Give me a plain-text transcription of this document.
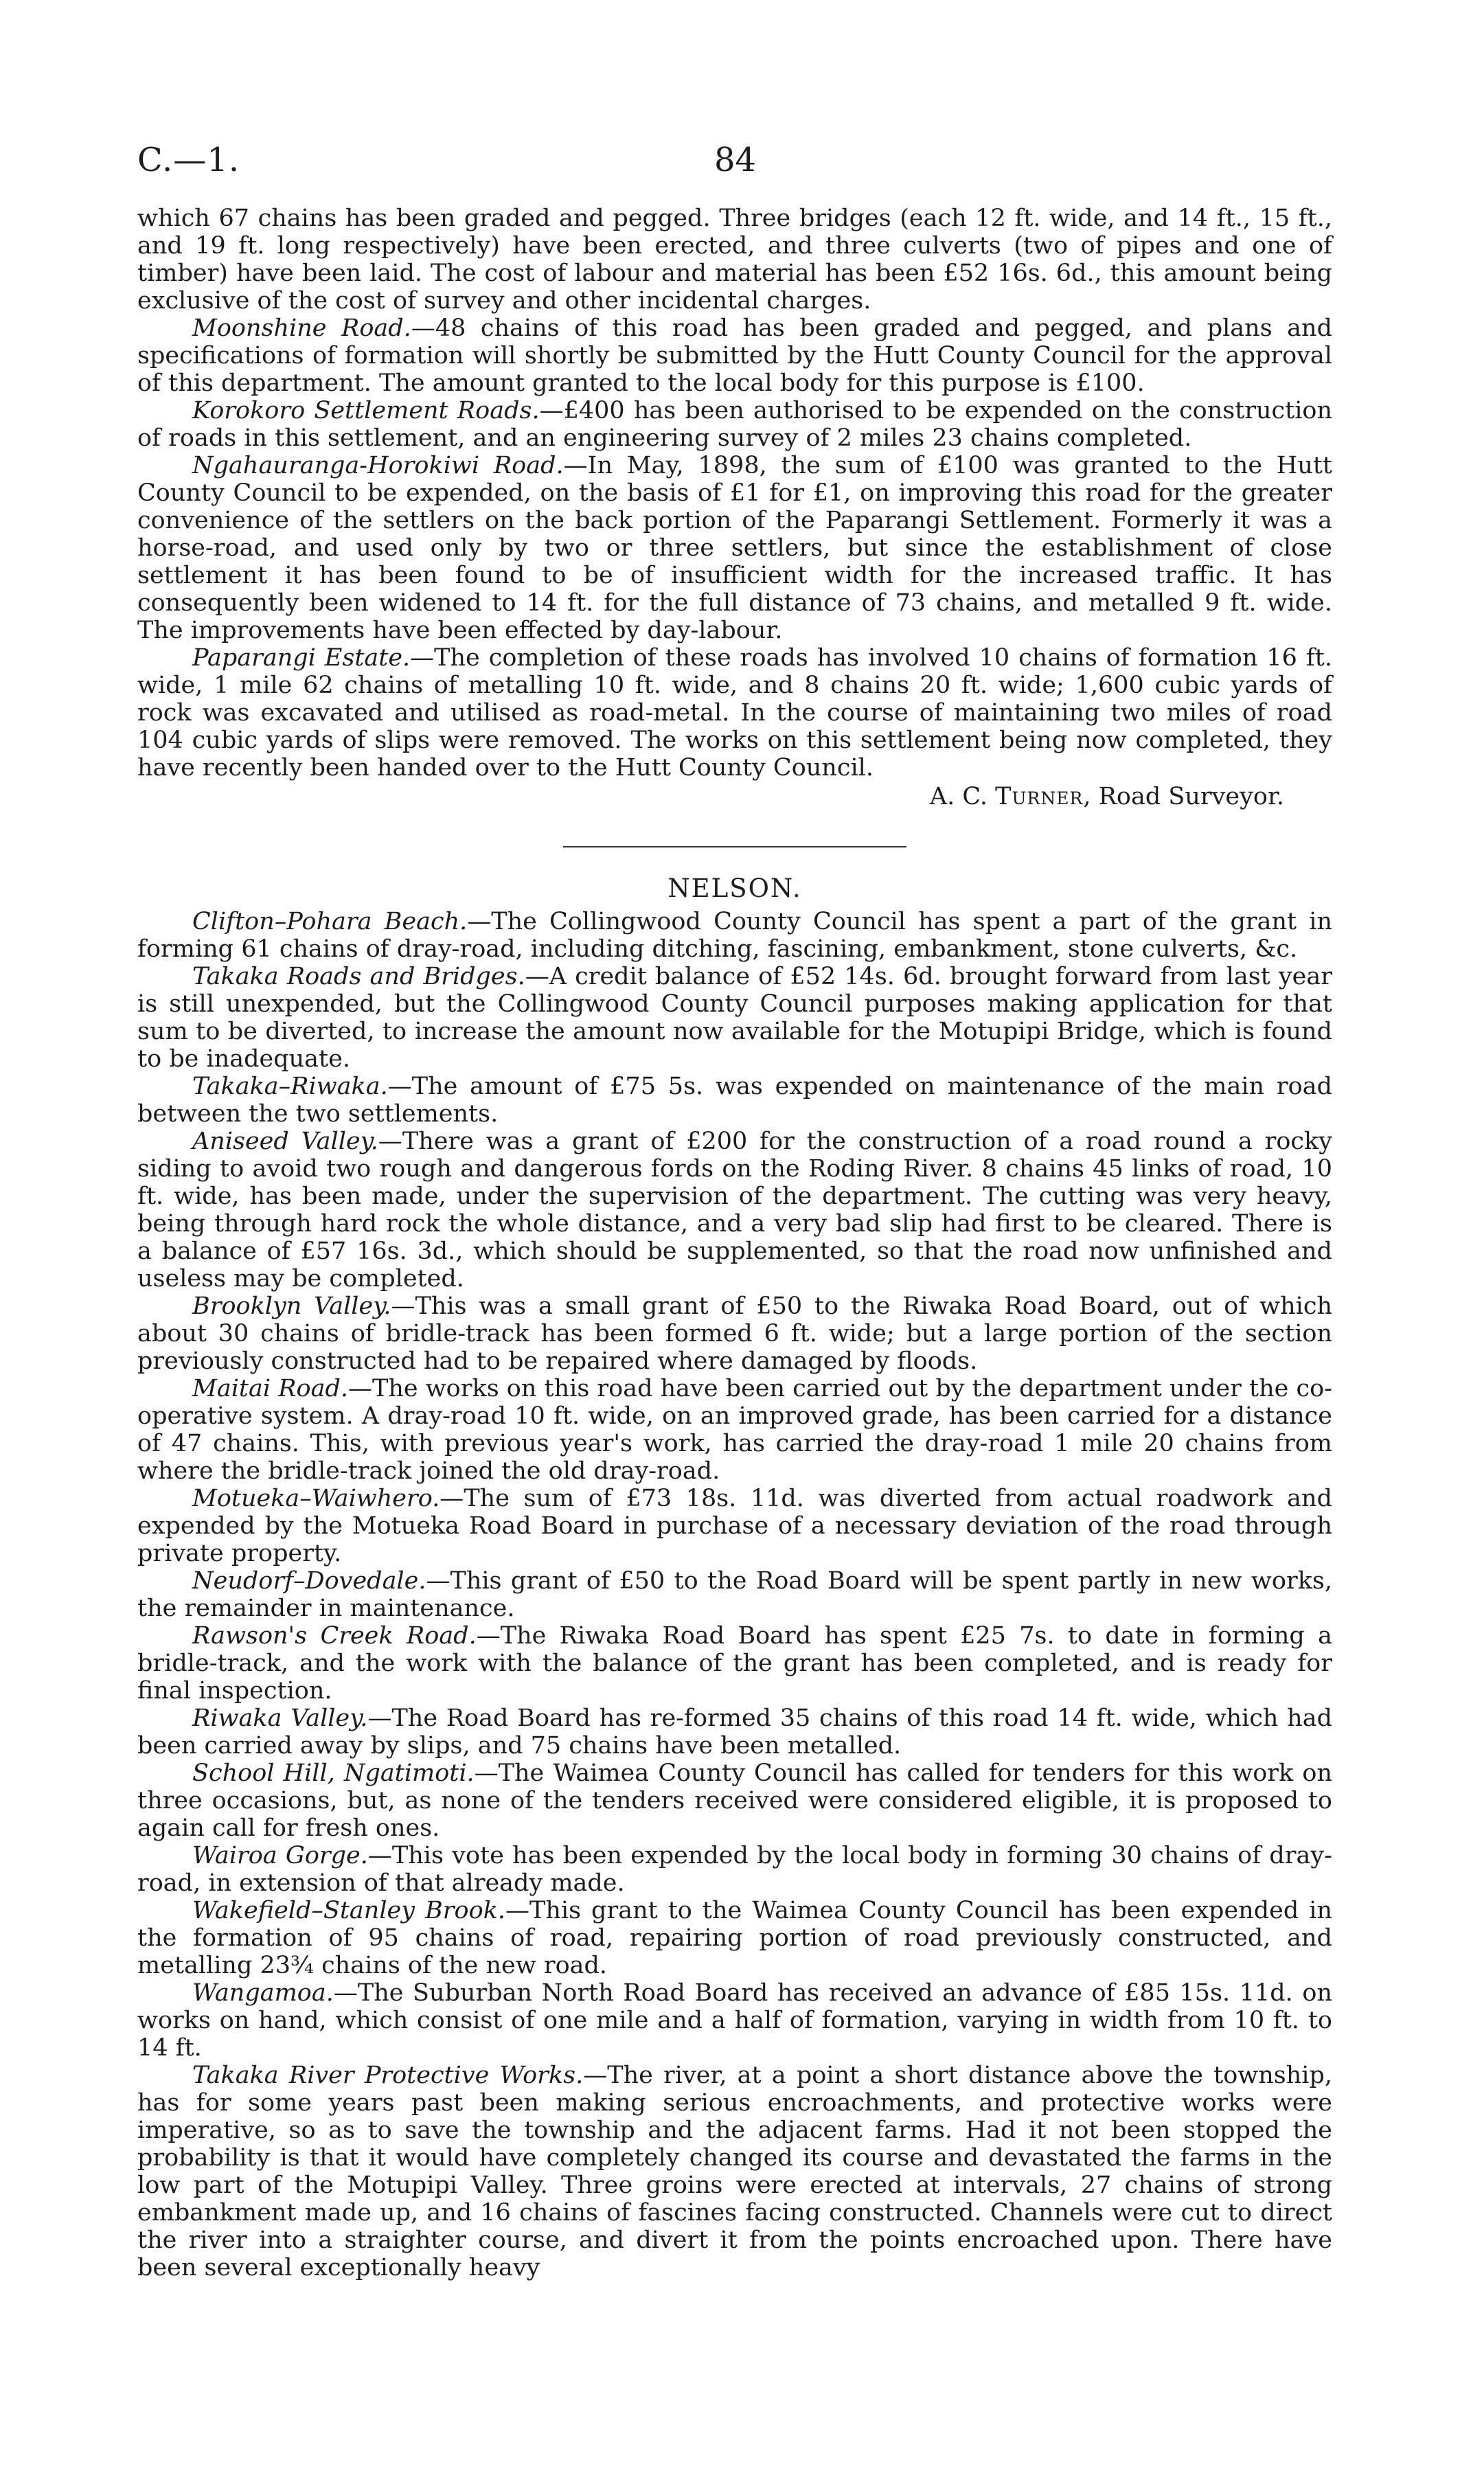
C.—1.	84

which 67 chains has been graded and pegged. Three bridges (each 12 ft. wide, and 14 ft., 15 ft., and 19 ft. long respectively) have been erected, and three culverts (two of pipes and one of timber) have been laid. The cost of labour and material has been £52 16s. 6d., this amount being exclusive of the cost of survey and other incidental charges.

Moonshine Road.—48 chains of this road has been graded and pegged, and plans and specifications of formation will shortly be submitted by the Hutt County Council for the approval of this department. The amount granted to the local body for this purpose is £100.

Korokoro Settlement Roads.—£400 has been authorised to be expended on the construction of roads in this settlement, and an engineering survey of 2 miles 23 chains completed.

Ngahauranga-Horokiwi Road.—In May, 1898, the sum of £100 was granted to the Hutt County Council to be expended, on the basis of £1 for £1, on improving this road for the greater convenience of the settlers on the back portion of the Paparangi Settlement. Formerly it was a horse-road, and used only by two or three settlers, but since the establishment of close settlement it has been found to be of insufficient width for the increased traffic. It has consequently been widened to 14 ft. for the full distance of 73 chains, and metalled 9 ft. wide. The improvements have been effected by day-labour.

Paparangi Estate.—The completion of these roads has involved 10 chains of formation 16 ft. wide, 1 mile 62 chains of metalling 10 ft. wide, and 8 chains 20 ft. wide; 1,600 cubic yards of rock was excavated and utilised as road-metal. In the course of maintaining two miles of road 104 cubic yards of slips were removed. The works on this settlement being now completed, they have recently been handed over to the Hutt County Council.

A. C. Turner, Road Surveyor.
NELSON.

Clifton–Pohara Beach.—The Collingwood County Council has spent a part of the grant in forming 61 chains of dray-road, including ditching, fascining, embankment, stone culverts, &c.

Takaka Roads and Bridges.—A credit balance of £52 14s. 6d. brought forward from last year is still unexpended, but the Collingwood County Council purposes making application for that sum to be diverted, to increase the amount now available for the Motupipi Bridge, which is found to be inadequate.

Takaka–Riwaka.—The amount of £75 5s. was expended on maintenance of the main road between the two settlements.

Aniseed Valley.—There was a grant of £200 for the construction of a road round a rocky siding to avoid two rough and dangerous fords on the Roding River. 8 chains 45 links of road, 10 ft. wide, has been made, under the supervision of the department. The cutting was very heavy, being through hard rock the whole distance, and a very bad slip had first to be cleared. There is a balance of £57 16s. 3d., which should be supplemented, so that the road now unfinished and useless may be completed.

Brooklyn Valley.—This was a small grant of £50 to the Riwaka Road Board, out of which about 30 chains of bridle-track has been formed 6 ft. wide; but a large portion of the section previously constructed had to be repaired where damaged by floods.

Maitai Road.—The works on this road have been carried out by the department under the co-operative system. A dray-road 10 ft. wide, on an improved grade, has been carried for a distance of 47 chains. This, with previous year's work, has carried the dray-road 1 mile 20 chains from where the bridle-track joined the old dray-road.

Motueka–Waiwhero.—The sum of £73 18s. 11d. was diverted from actual roadwork and expended by the Motueka Road Board in purchase of a necessary deviation of the road through private property.

Neudorf–Dovedale.—This grant of £50 to the Road Board will be spent partly in new works, the remainder in maintenance.

Rawson's Creek Road.—The Riwaka Road Board has spent £25 7s. to date in forming a bridle-track, and the work with the balance of the grant has been completed, and is ready for final inspection.

Riwaka Valley.—The Road Board has re-formed 35 chains of this road 14 ft. wide, which had been carried away by slips, and 75 chains have been metalled.

School Hill, Ngatimoti.—The Waimea County Council has called for tenders for this work on three occasions, but, as none of the tenders received were considered eligible, it is proposed to again call for fresh ones.

Wairoa Gorge.—This vote has been expended by the local body in forming 30 chains of dray-road, in extension of that already made.

Wakefield–Stanley Brook.—This grant to the Waimea County Council has been expended in the formation of 95 chains of road, repairing portion of road previously constructed, and metalling 23¾ chains of the new road.

Wangamoa.—The Suburban North Road Board has received an advance of £85 15s. 11d. on works on hand, which consist of one mile and a half of formation, varying in width from 10 ft. to 14 ft.

Takaka River Protective Works.—The river, at a point a short distance above the township, has for some years past been making serious encroachments, and protective works were imperative, so as to save the township and the adjacent farms. Had it not been stopped the probability is that it would have completely changed its course and devastated the farms in the low part of the Motupipi Valley. Three groins were erected at intervals, 27 chains of strong embankment made up, and 16 chains of fascines facing constructed. Channels were cut to direct the river into a straighter course, and divert it from the points encroached upon. There have been several exceptionally heavy
